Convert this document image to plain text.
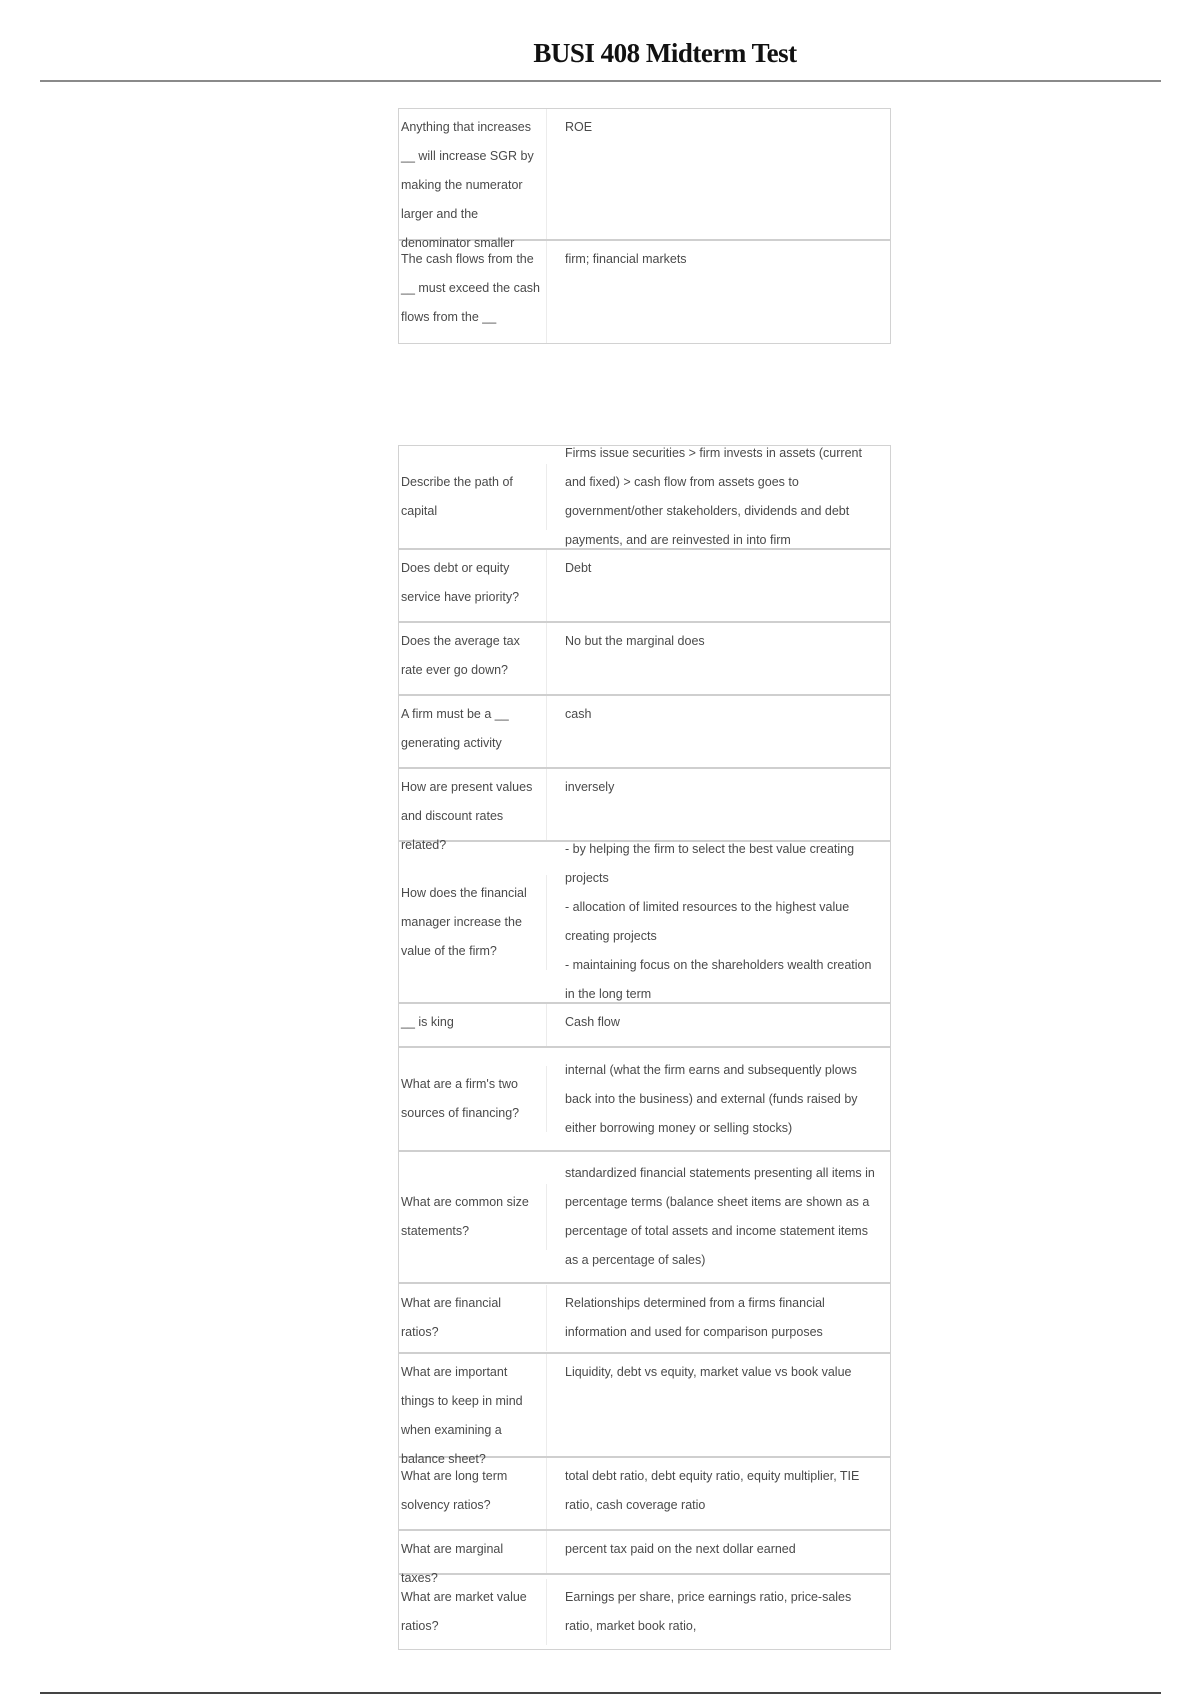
BUSI 408 Midterm Test
Anything that increases __ will increase SGR by making the numerator larger and the denominator smaller
ROE
The cash flows from the __ must exceed the cash flows from the __
firm; financial markets
Describe the path of capital
Firms issue securities > firm invests in assets (current and fixed) > cash flow from assets goes to government/other stakeholders, dividends and debt payments, and are reinvested in into firm
Does debt or equity service have priority?
Debt
Does the average tax rate ever go down?
No but the marginal does
A firm must be a __ generating activity
cash
How are present values and discount rates related?
inversely
How does the financial manager increase the value of the firm?
- by helping the firm to select the best value creating projects
- allocation of limited resources to the highest value creating projects
- maintaining focus on the shareholders wealth creation in the long term
__ is king	Cash flow
What are a firm's two sources of financing?
internal (what the firm earns and subsequently plows back into the business) and external (funds raised by either borrowing money or selling stocks)
What are common size statements?
standardized financial statements presenting all items in percentage terms (balance sheet items are shown as a percentage of total assets and income statement items as a percentage of sales)
What are financial ratios?
Relationships determined from a firms financial information and used for comparison purposes
What are important things to keep in mind when examining a balance sheet?
Liquidity, debt vs equity, market value vs book value
What are long term solvency ratios?
total debt ratio, debt equity ratio, equity multiplier, TIE ratio, cash coverage ratio
What are marginal taxes?
percent tax paid on the next dollar earned
What are market value ratios?
Earnings per share, price earnings ratio, price-sales ratio, market book ratio,
